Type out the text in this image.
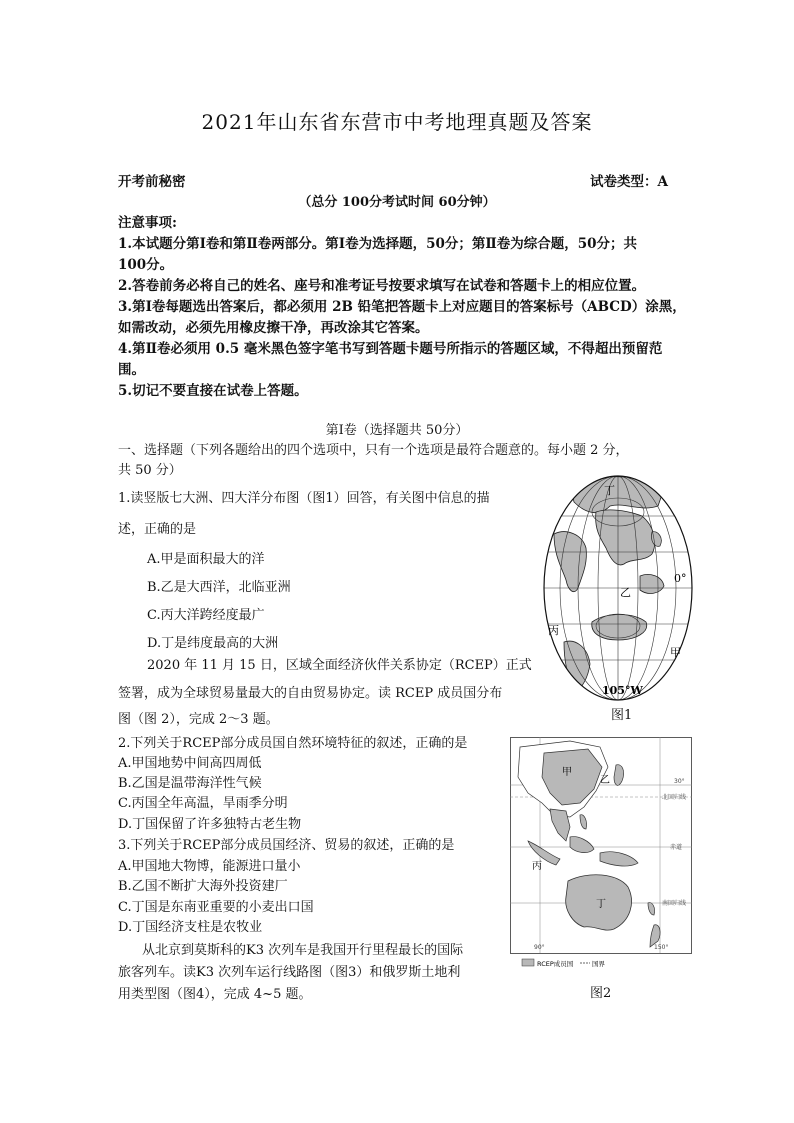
2021年山东省东营市中考地理真题及答案
开考前秘密	试卷类型：A
（总分 100分考试时间 60分钟）
注意事项:
1.本试题分第Ⅰ卷和第Ⅱ卷两部分。第Ⅰ卷为选择题，50分；第Ⅱ卷为综合题，50分；共
100分。
2.答卷前务必将自己的姓名、座号和准考证号按要求填写在试卷和答题卡上的相应位置。
3.第Ⅰ卷每题选出答案后，都必须用 2B 铅笔把答题卡上对应题目的答案标号（ABCD）涂黑，
如需改动，必须先用橡皮擦干净，再改涂其它答案。
4.第Ⅱ卷必须用 0.5 毫米黑色签字笔书写到答题卡题号所指示的答题区域，不得超出预留范
围。
5.切记不要直接在试卷上答题。
第Ⅰ卷（选择题共 50分）
一、选择题（下列各题给出的四个选项中，只有一个选项是最符合题意的。每小题 2 分，
共 50 分）
1.读竖版七大洲、四大洋分布图（图1）回答，有关图中信息的描
述，正确的是
A.甲是面积最大的洋
B.乙是大西洋，北临亚洲
C.丙大洋跨经度最广
D.丁是纬度最高的大洲
2020 年 11 月 15 日，区域全面经济伙伴关系协定（RCEP）正式
签署，成为全球贸易量最大的自由贸易协定。读 RCEP 成员国分布
图（图 2），完成 2～3 题。
2.下列关于RCEP部分成员国自然环境特征的叙述，正确的是
A.甲国地势中间高四周低
B.乙国是温带海洋性气候
C.丙国全年高温，旱雨季分明
D.丁国保留了许多独特古老生物
3.下列关于RCEP部分成员国经济、贸易的叙述，正确的是
A.甲国地大物博，能源进口量小
B.乙国不断扩大海外投资建厂
C.丁国是东南亚重要的小麦出口国
D.丁国经济支柱是农牧业
从北京到莫斯科的K3 次列车是我国开行里程最长的国际
旅客列车。读K3 次列车运行线路图（图3）和俄罗斯土地利
用类型图（图4），完成 4~5 题。
丁
乙
丙
甲
0°
105°W
图1
甲
乙
丙
丁
30°
北回归线
赤道
南回归线
90°	150°
RCEP成员国	国界
图2
